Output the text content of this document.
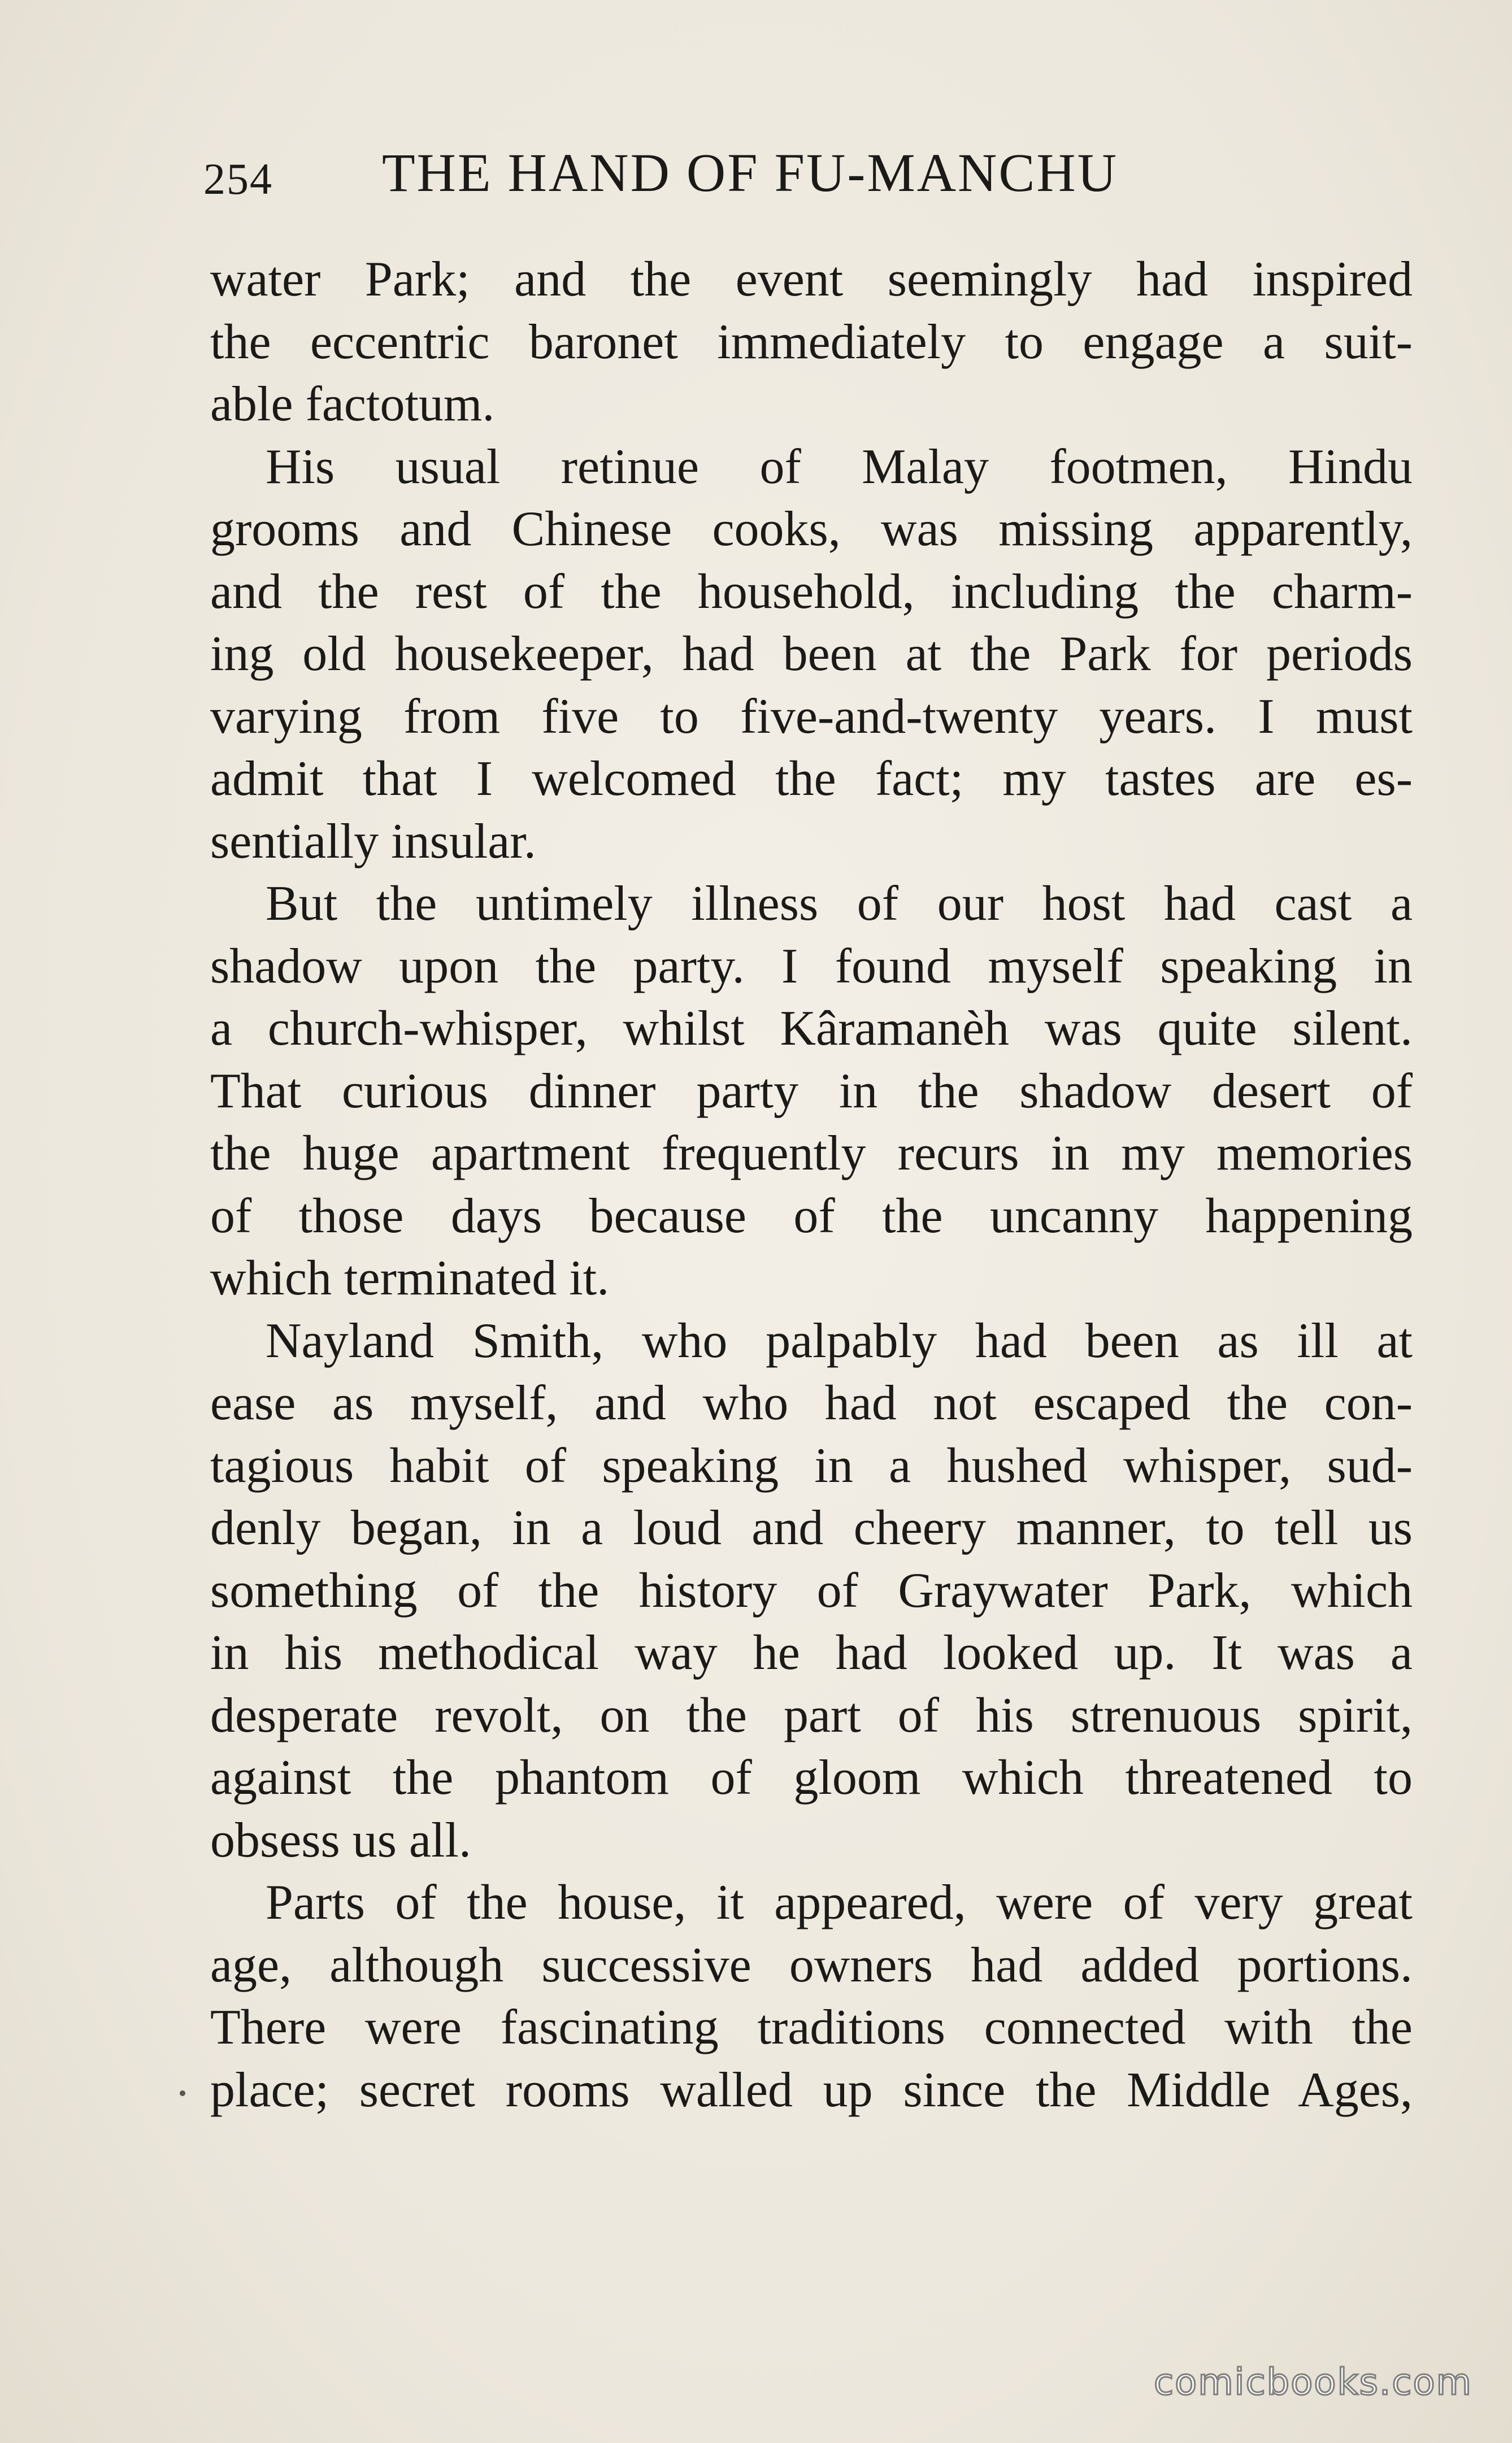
254 THE HAND OF FU-MANCHU

water Park; and the event seemingly had inspired

the eccentric baronet immediately to engage a suit-

able factotum.

His usual retinue of Malay footmen, Hindu

grooms and Chinese cooks, was missing apparently,

and the rest of the household, including the charm-

ing old housekeeper, had been at the Park for periods

varying from five to five-and-twenty years. I must

admit that I welcomed the fact; my tastes are es-

sentially insular.

But the untimely illness of our host had cast a

shadow upon the party. I found myself speaking in

a church-whisper, whilst Kâramanèh was quite silent.

That curious dinner party in the shadow desert of

the huge apartment frequently recurs in my memories

of those days because of the uncanny happening

which terminated it.

Nayland Smith, who palpably had been as ill at

ease as myself, and who had not escaped the con-

tagious habit of speaking in a hushed whisper, sud-

denly began, in a loud and cheery manner, to tell us

something of the history of Graywater Park, which

in his methodical way he had looked up. It was a

desperate revolt, on the part of his strenuous spirit,

against the phantom of gloom which threatened to

obsess us all.

Parts of the house, it appeared, were of very great

age, although successive owners had added portions.

There were fascinating traditions connected with the

place; secret rooms walled up since the Middle Ages,

comicbooks.com
